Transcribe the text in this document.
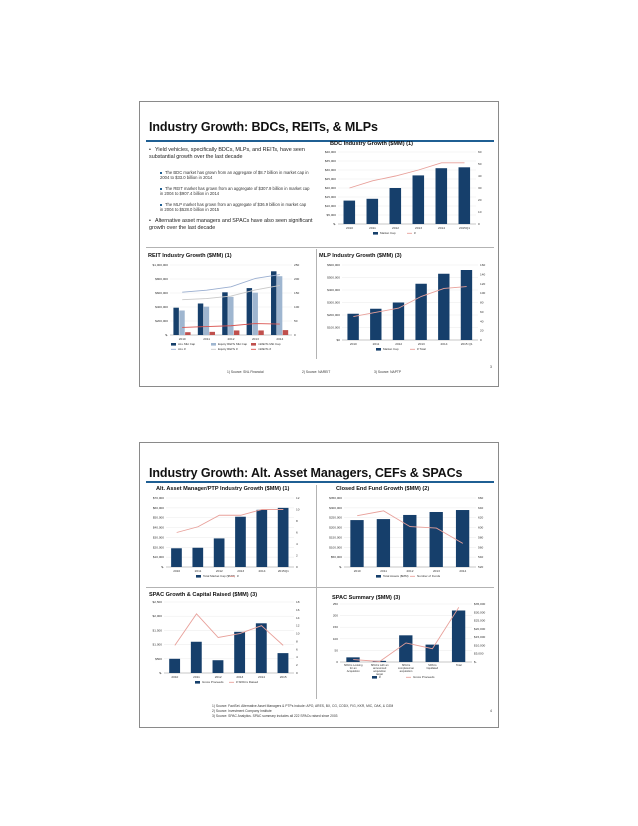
Industry Growth: BDCs, REITs, & MLPs
• Yield vehicles, specifically BDCs, MLPs, and REITs, have seen substantial growth over the last decade
The BDC market has grown from an aggregate of $8.7 billion in market cap in 2004 to $33.0 billion in 2014
The REIT market has grown from an aggregate of $307.9 billion in market cap in 2004 to $907.4 billion in 2014
The MLP market has grown from an aggregate of $36.9 billion in market cap in 2004 to $528.0 billion in 2015
• Alternative asset managers and SPACs have also seen significant growth over the last decade
BDC Industry Growth ($MM) (1)
$-
$5,000
$10,000
$15,000
$20,000
$25,000
$30,000
$35,000
$40,000
0
10
20
30
40
50
60
2010	2011	2012	2013	2014	2015Q1
Market Cap	#
REIT Industry Growth ($MM) (1)
$-
$200,000
$400,000
$600,000
$800,000
$1,000,000
0
50
100
150
200
250
2010	2011	2012	2013	2014
ALL Mkt Cap	Equity REITs Mkt Cap	mREITs Mkt Cap
ALL #	Equity REITs #	mREITs #
MLP Industry Growth ($MM) (3)
$0
$100,000
$200,000
$300,000
$400,000
$500,000
$600,000
0
20
40
60
80
100
120
140
160
2010	2011	2012	2013	2014	2015 Q1
Market Cap	# Total
1) Source: SNL Financial	2) Source: NAREIT	3) Source: NAPTP
3
Industry Growth: Alt. Asset Managers, CEFs & SPACs
Alt. Asset Manager/PTP Industry Growth ($MM) (1)
$-
$10,000
$20,000
$30,000
$40,000
$50,000
$60,000
$70,000
0
2
4
6
8
10
12
2010	2011	2012	2013	2014	2015Q1
Total Market Cap ($MM) #
Closed End Fund Growth ($MM) (2)
$-
$50,000
$100,000
$150,000
$200,000
$250,000
$300,000
$350,000
520
540
560
580
600
620
640
660
2010	2011	2012	2013	2014
Total Assets ($MM)	Number of Funds
SPAC Growth & Capital Raised ($MM) (3)
$-
$500
$1,000
$1,500
$2,000
$2,500
0
2
4
6
8
10
12
14
16
18
2010	2011	2012	2013	2014	2015
Gross Proceeds	# SPACs Raised
SPAC Summary ($MM) (3)
0
50
100
150
200
250
$-
$5,000
$10,000
$15,000
$20,000
$25,000
$30,000
$35,000
SPACs Looking for an Acquisition
SPACs with an announced acquisition target
SPACs completed an acquisition
SPACs liquidated
Total
#	Gross Proceeds
1) Source: FactSet. Alternative Asset Managers & PTPs include: APO, ARES, BX, CG, CODX, FIG, KKR, MIC, OAK, & OZM
2) Source: Investment Company Institute
3) Source: SPAC Analytics. SPAC summary includes all 222 SPACs raised since 2003
4
